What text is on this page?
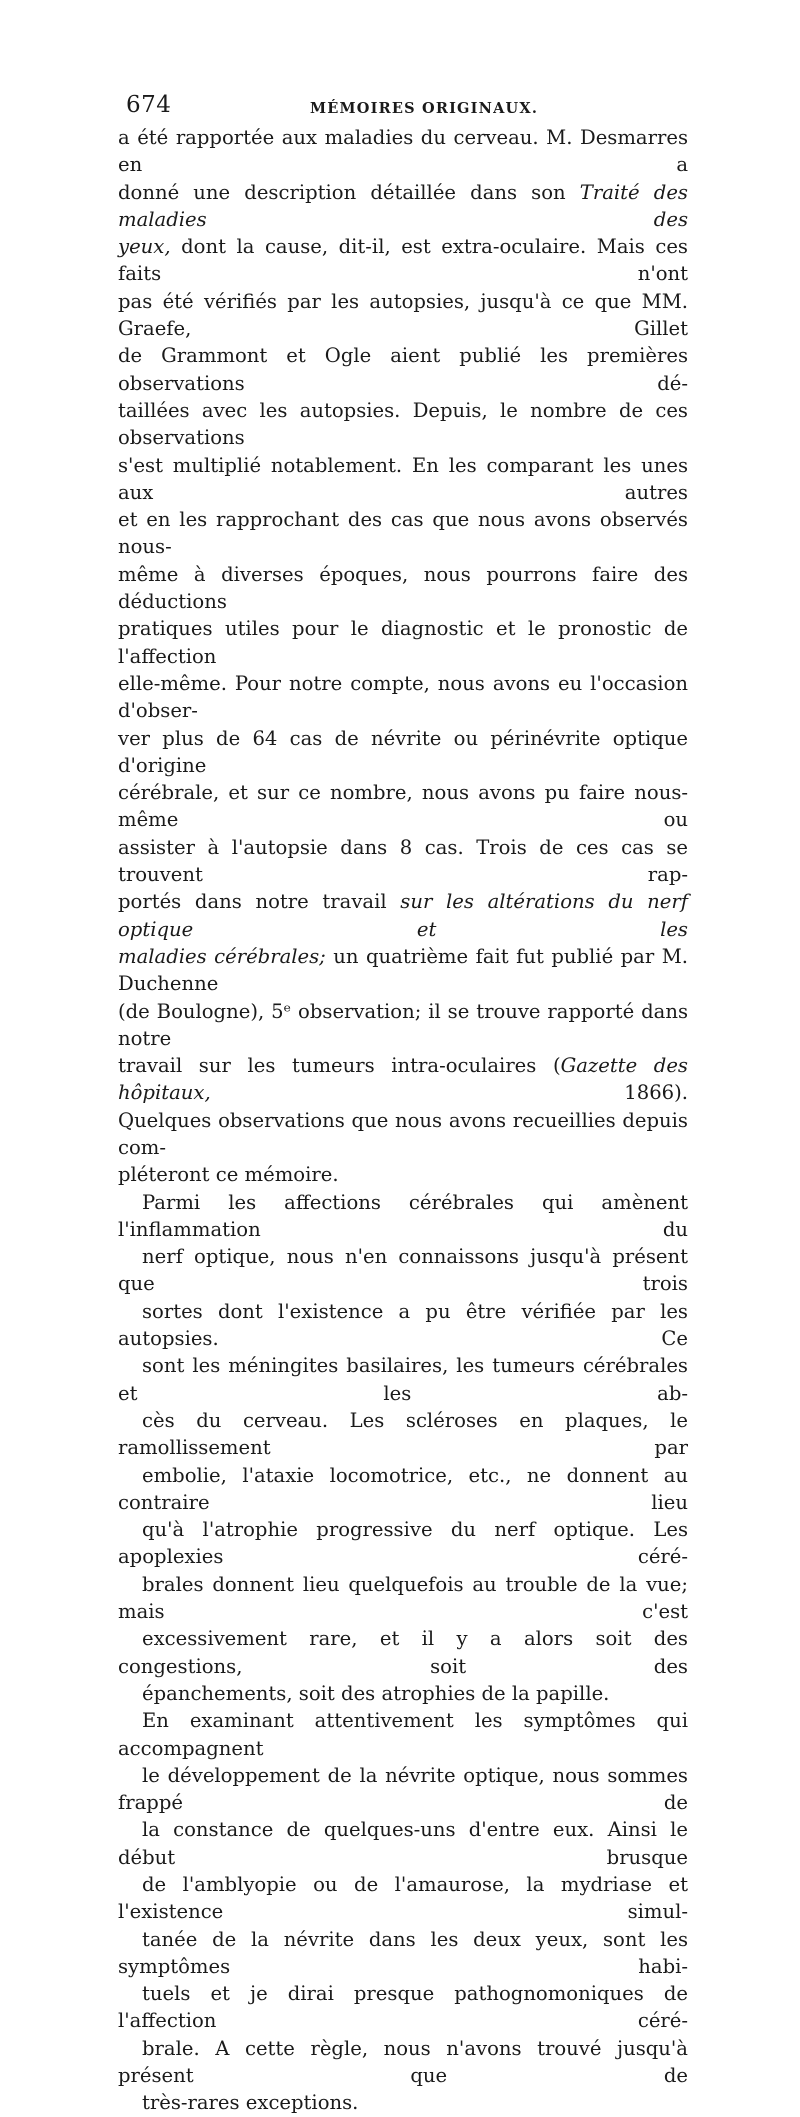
674	MÉMOIRES ORIGINAUX.

a été rapportée aux maladies du cerveau. M. Desmarres en a
donné une description détaillée dans son Traité des maladies des
yeux, dont la cause, dit-il, est extra-oculaire. Mais ces faits n'ont
pas été vérifiés par les autopsies, jusqu'à ce que MM. Graefe, Gillet
de Grammont et Ogle aient publié les premières observations dé-
taillées avec les autopsies. Depuis, le nombre de ces observations
s'est multiplié notablement. En les comparant les unes aux autres
et en les rapprochant des cas que nous avons observés nous-
même à diverses époques, nous pourrons faire des déductions
pratiques utiles pour le diagnostic et le pronostic de l'affection
elle-même. Pour notre compte, nous avons eu l'occasion d'obser-
ver plus de 64 cas de névrite ou périnévrite optique d'origine
cérébrale, et sur ce nombre, nous avons pu faire nous-même ou
assister à l'autopsie dans 8 cas. Trois de ces cas se trouvent rap-
portés dans notre travail sur les altérations du nerf optique et les
maladies cérébrales; un quatrième fait fut publié par M. Duchenne
(de Boulogne), 5ᵉ observation; il se trouve rapporté dans notre
travail sur les tumeurs intra-oculaires (Gazette des hôpitaux, 1866).
Quelques observations que nous avons recueillies depuis com-
pléteront ce mémoire.

Parmi les affections cérébrales qui amènent l'inflammation du
nerf optique, nous n'en connaissons jusqu'à présent que trois
sortes dont l'existence a pu être vérifiée par les autopsies. Ce
sont les méningites basilaires, les tumeurs cérébrales et les ab-
cès du cerveau. Les scléroses en plaques, le ramollissement par
embolie, l'ataxie locomotrice, etc., ne donnent au contraire lieu
qu'à l'atrophie progressive du nerf optique. Les apoplexies céré-
brales donnent lieu quelquefois au trouble de la vue; mais c'est
excessivement rare, et il y a alors soit des congestions, soit des
épanchements, soit des atrophies de la papille.

En examinant attentivement les symptômes qui accompagnent
le développement de la névrite optique, nous sommes frappé de
la constance de quelques-uns d'entre eux. Ainsi le début brusque
de l'amblyopie ou de l'amaurose, la mydriase et l'existence simul-
tanée de la névrite dans les deux yeux, sont les symptômes habi-
tuels et je dirai presque pathognomoniques de l'affection céré-
brale. A cette règle, nous n'avons trouvé jusqu'à présent que de
très-rares exceptions.
